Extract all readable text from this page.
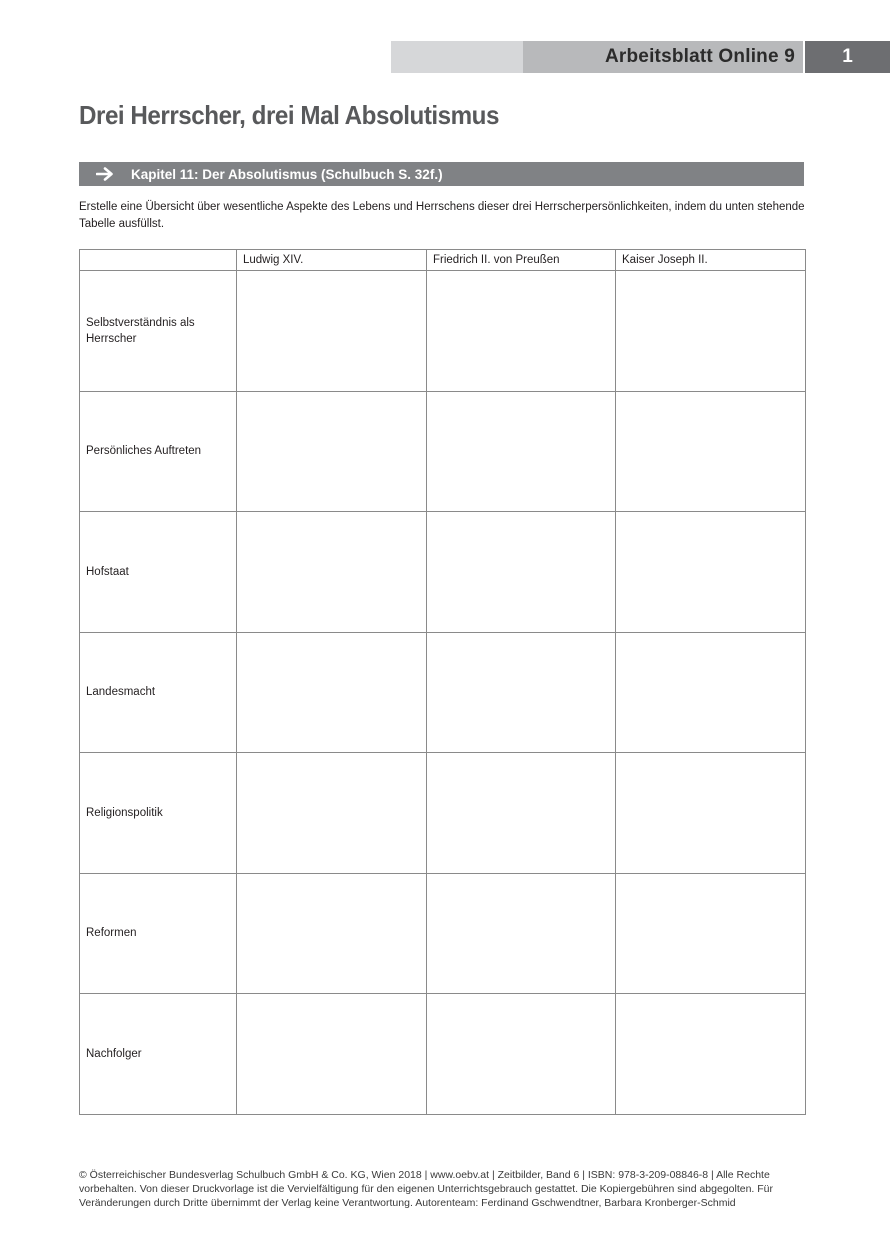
Arbeitsblatt Online 9	1
Drei Herrscher, drei Mal Absolutismus
Kapitel 11: Der Absolutismus (Schulbuch S. 32f.)

Erstelle eine Übersicht über wesentliche Aspekte des Lebens und Herrschens dieser drei Herrscherpersönlichkeiten, indem du unten stehende Tabelle ausfüllst.

	Ludwig XIV.	Friedrich II. von Preußen	Kaiser Joseph II.
Selbstverständnis als Herrscher			
Persönliches Auftreten			
Hofstaat			
Landesmacht			
Religionspolitik			
Reformen			
Nachfolger			
© Österreichischer Bundesverlag Schulbuch GmbH & Co. KG, Wien 2018 | www.oebv.at | Zeitbilder, Band 6 | ISBN: 978-3-209-08846-8 | Alle Rechte
vorbehalten. Von dieser Druckvorlage ist die Vervielfältigung für den eigenen Unterrichtsgebrauch gestattet. Die Kopiergebühren sind abgegolten. Für
Veränderungen durch Dritte übernimmt der Verlag keine Verantwortung. Autorenteam: Ferdinand Gschwendtner, Barbara Kronberger-Schmid
